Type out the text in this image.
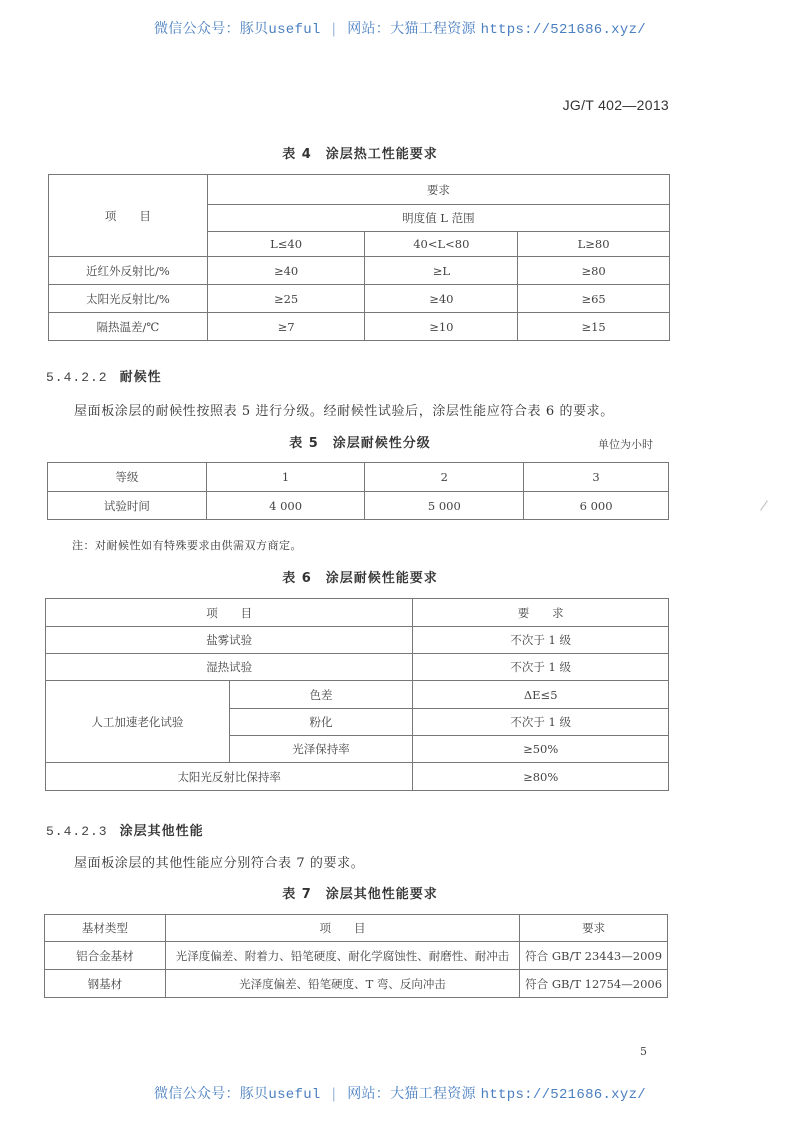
微信公众号：豚贝useful | 网站：大猫工程资源 https://521686.xyz/
JG/T 402—2013
表 4 涂层热工性能要求
项　　目	要求		
	明度值 L 范围		
	L≤40	40<L<80	L≥80
近红外反射比/%	≥40	≥L	≥80
太阳光反射比/%	≥25	≥40	≥65
隔热温差/℃	≥7	≥10	≥15
5.4.2.2 耐候性
屋面板涂层的耐候性按照表 5 进行分级。经耐候性试验后，涂层性能应符合表 6 的要求。
表 5 涂层耐候性分级	单位为小时
等级	1	2	3
试验时间	4 000	5 000	6 000
注：对耐候性如有特殊要求由供需双方商定。
表 6 涂层耐候性能要求
项　　目		要　　求
盐雾试验		不次于 1 级
湿热试验		不次于 1 级
人工加速老化试验	色差	ΔE≤5
	粉化	不次于 1 级
	光泽保持率	≥50%
太阳光反射比保持率		≥80%
5.4.2.3 涂层其他性能
屋面板涂层的其他性能应分别符合表 7 的要求。
表 7 涂层其他性能要求
基材类型	项　　目	要求
铝合金基材	光泽度偏差、附着力、铅笔硬度、耐化学腐蚀性、耐磨性、耐冲击	符合 GB/T 23443—2009
钢基材	光泽度偏差、铅笔硬度、T 弯、反向冲击	符合 GB/T 12754—2006
5
微信公众号：豚贝useful | 网站：大猫工程资源 https://521686.xyz/
